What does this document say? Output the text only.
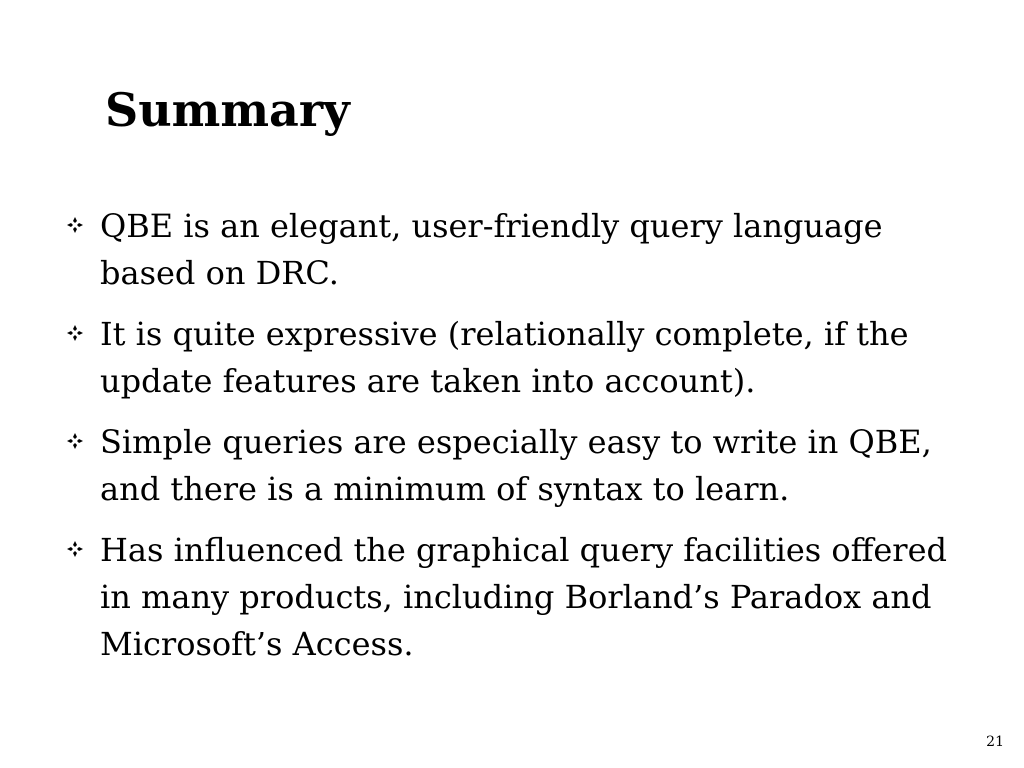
Summary
QBE is an elegant, user-friendly query language based on DRC.
It is quite expressive (relationally complete, if the update features are taken into account).
Simple queries are especially easy to write in QBE, and there is a minimum of syntax to learn.
Has influenced the graphical query facilities offered in many products, including Borland’s Paradox and Microsoft’s Access.
21
